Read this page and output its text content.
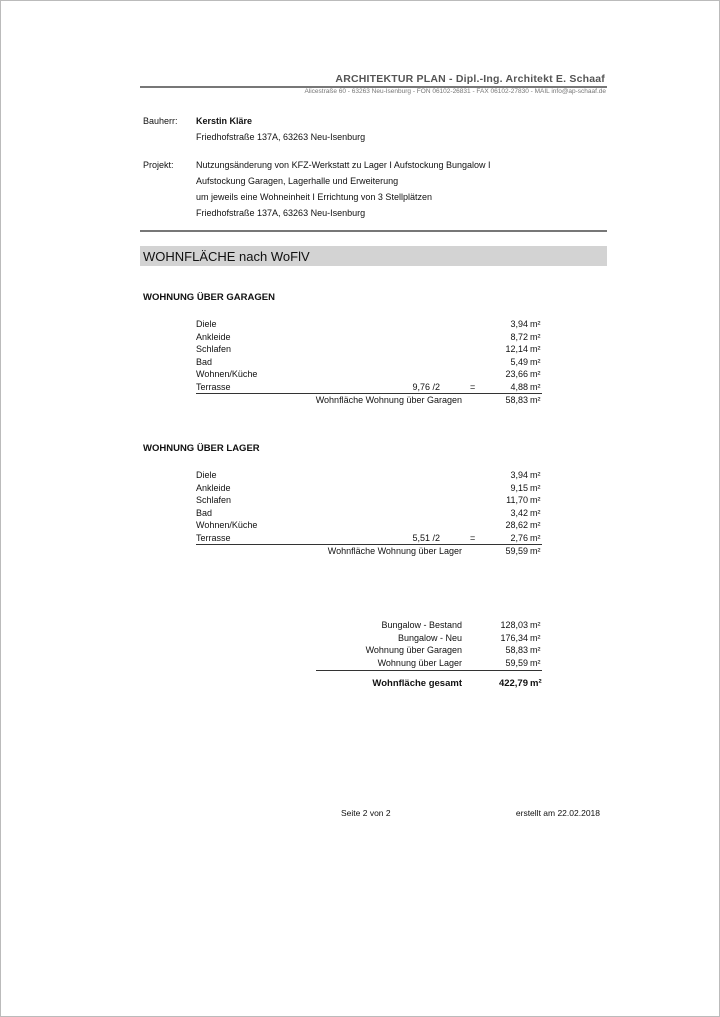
ARCHITEKTUR PLAN - Dipl.-Ing. Architekt E. Schaaf
Alicestraße 60 - 63263 Neu-Isenburg - FON 06102-26831 - FAX 06102-27830 - MAIL info@ap-schaaf.de
Bauherr: Kerstin Kläre
Friedhofstraße 137A, 63263 Neu-Isenburg
Projekt: Nutzungsänderung von KFZ-Werkstatt zu Lager I Aufstockung Bungalow I
Aufstockung Garagen, Lagerhalle und Erweiterung
um jeweils eine Wohneinheit I Errichtung von 3 Stellplätzen
Friedhofstraße 137A, 63263 Neu-Isenburg
WOHNFLÄCHE nach WoFlV
WOHNUNG ÜBER GARAGEN
Diele	3,94 m²
Ankleide	8,72 m²
Schlafen	12,14 m²
Bad	5,49 m²
Wohnen/Küche	23,66 m²
Terrasse	9,76 /2	=	4,88 m²
Wohnfläche Wohnung über Garagen	58,83 m²
WOHNUNG ÜBER LAGER
Diele	3,94 m²
Ankleide	9,15 m²
Schlafen	11,70 m²
Bad	3,42 m²
Wohnen/Küche	28,62 m²
Terrasse	5,51 /2	=	2,76 m²
Wohnfläche Wohnung über Lager	59,59 m²
Bungalow - Bestand	128,03 m²
Bungalow - Neu	176,34 m²
Wohnung über Garagen	58,83 m²
Wohnung über Lager	59,59 m²
Wohnfläche gesamt	422,79 m²
Seite 2 von 2	erstellt am 22.02.2018
